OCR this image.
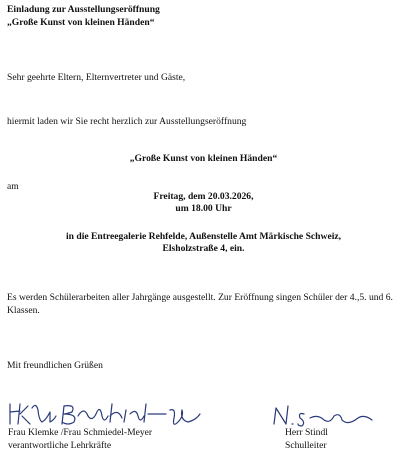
Einladung zur Ausstellungseröffnung
„Große Kunst von kleinen Händen“
Sehr geehrte Eltern, Elternvertreter und Gäste,
hiermit laden wir Sie recht herzlich zur Ausstellungseröffnung
„Große Kunst von kleinen Händen“
am
Freitag, dem 20.03.2026,
um 18.00 Uhr
in die Entreegalerie Rehfelde, Außenstelle Amt Märkische Schweiz,
Elsholzstraße 4, ein.
Es werden Schülerarbeiten aller Jahrgänge ausgestellt. Zur Eröffnung singen Schüler der 4.,5. und 6. Klassen.
Mit freundlichen Grüßen
Frau Klemke /Frau Schmiedel-Meyer
verantwortliche Lehrkräfte
Herr Stindl
Schulleiter
